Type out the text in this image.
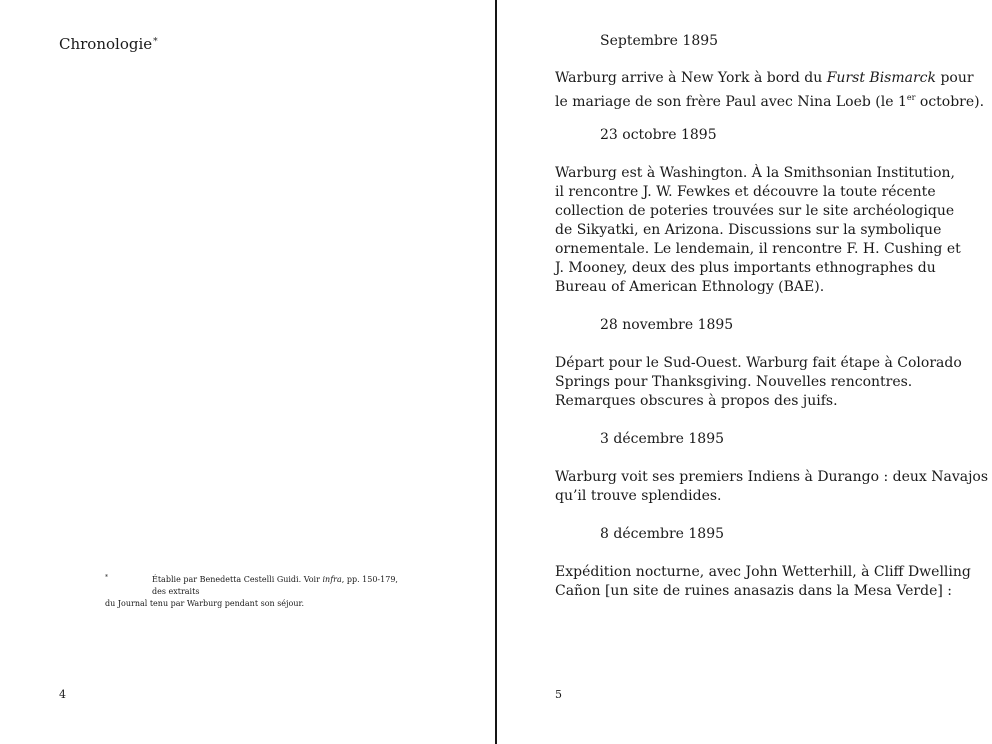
Chronologie*
*	Établie par Benedetta Cestelli Guidi. Voir infra, pp. 150-179, des extraits
du Journal tenu par Warburg pendant son séjour.
4
Septembre 1895

Warburg arrive à New York à bord du Furst Bismarck pour
le mariage de son frère Paul avec Nina Loeb (le 1er octobre).

23 octobre 1895

Warburg est à Washington. À la Smithsonian Institution,
il rencontre J. W. Fewkes et découvre la toute récente
collection de poteries trouvées sur le site archéologique
de Sikyatki, en Arizona. Discussions sur la symbolique
ornementale. Le lendemain, il rencontre F. H. Cushing et
J. Mooney, deux des plus importants ethnographes du
Bureau of American Ethnology (BAE).

28 novembre 1895

Départ pour le Sud-Ouest. Warburg fait étape à Colorado
Springs pour Thanksgiving. Nouvelles rencontres.
Remarques obscures à propos des juifs.

3 décembre 1895

Warburg voit ses premiers Indiens à Durango : deux Navajos
qu’il trouve splendides.

8 décembre 1895

Expédition nocturne, avec John Wetterhill, à Cliff Dwelling
Cañon [un site de ruines anasazis dans la Mesa Verde] :

5
